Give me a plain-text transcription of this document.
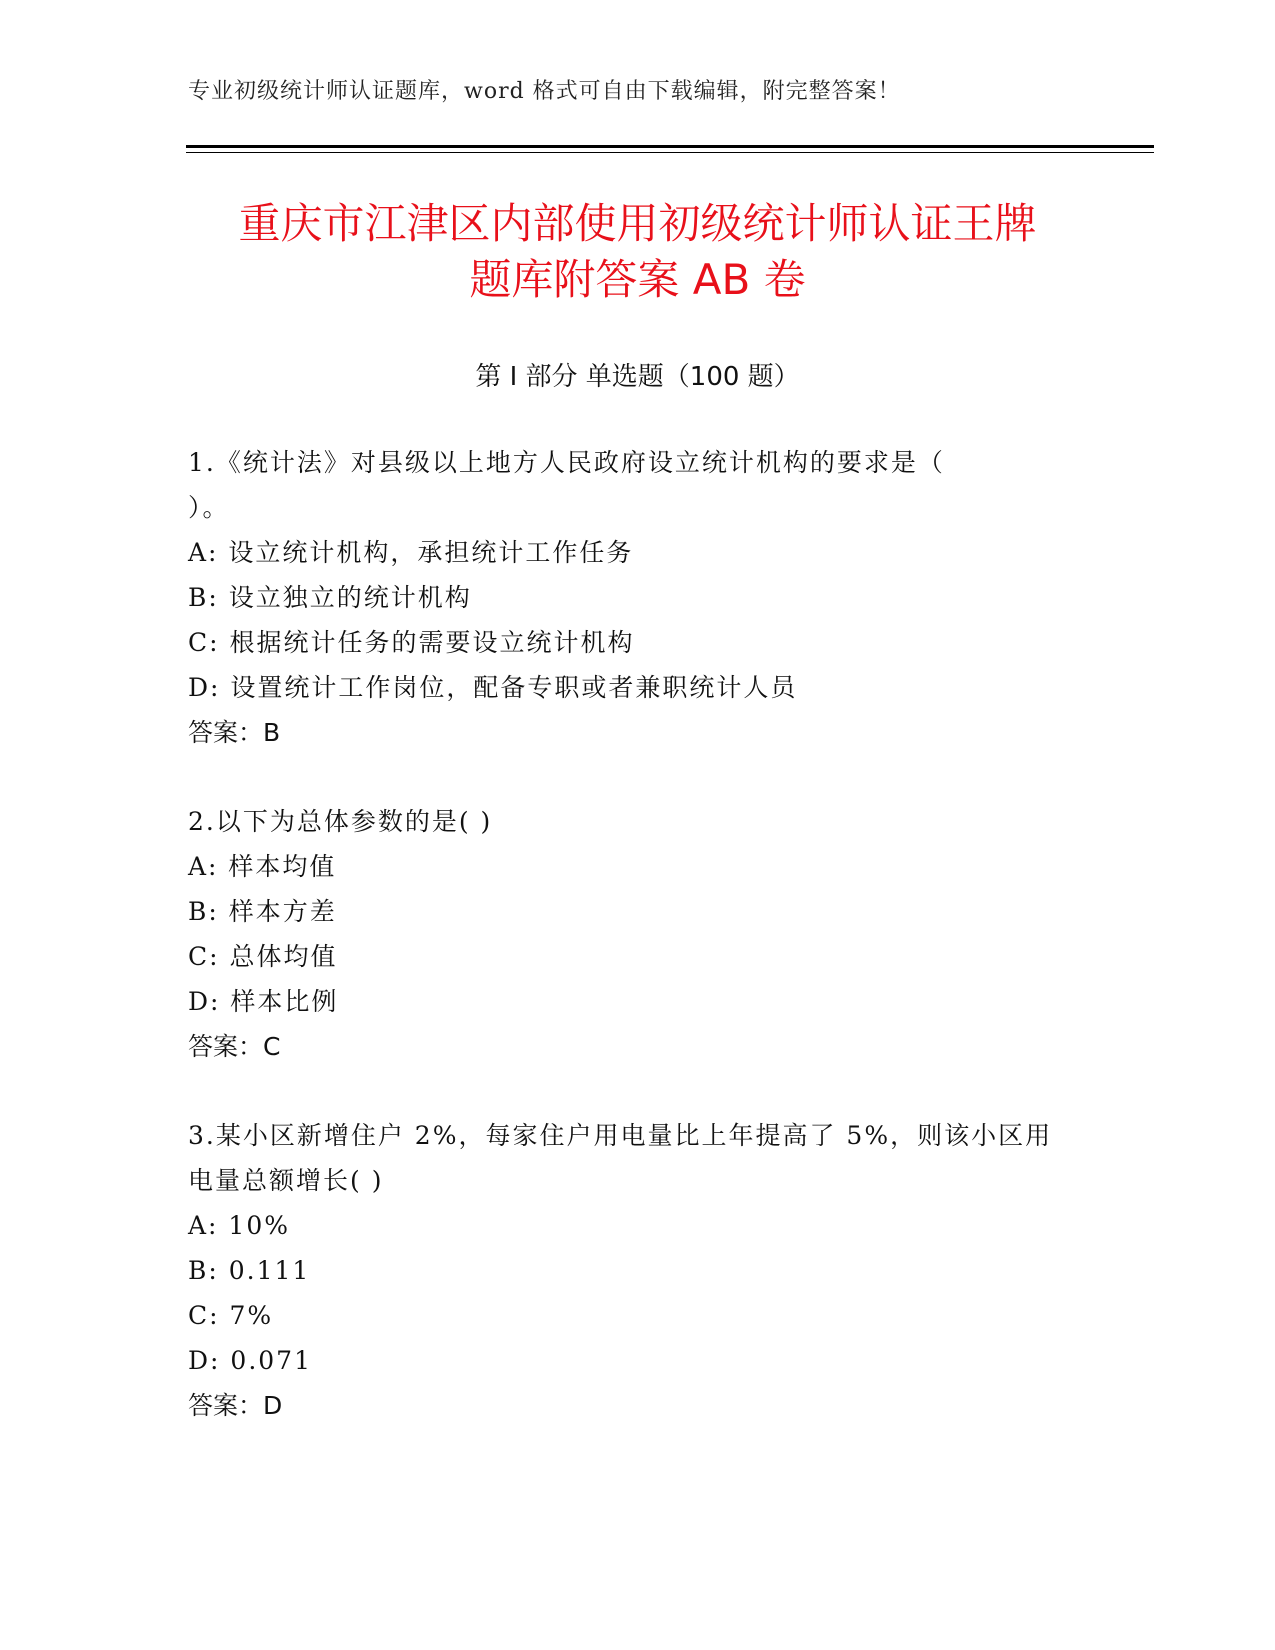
专业初级统计师认证题库，word 格式可自由下载编辑，附完整答案！
重庆市江津区内部使用初级统计师认证王牌
题库附答案 AB 卷
第 I 部分 单选题（100 题）

1.《统计法》对县级以上地方人民政府设立统计机构的要求是（

）。

A: 设立统计机构，承担统计工作任务

B: 设立独立的统计机构

C: 根据统计任务的需要设立统计机构

D: 设置统计工作岗位，配备专职或者兼职统计人员

答案：B

2.以下为总体参数的是( )

A: 样本均值

B: 样本方差

C: 总体均值

D: 样本比例

答案：C

3.某小区新增住户 2%，每家住户用电量比上年提高了 5%，则该小区用

电量总额增长( )

A: 10%

B: 0.111

C: 7%

D: 0.071

答案：D
